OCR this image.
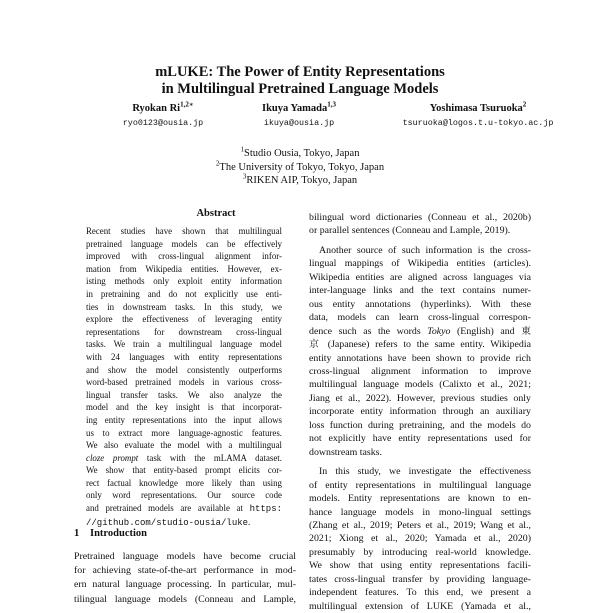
mLUKE: The Power of Entity Representations
in Multilingual Pretrained Language Models
Ryokan $Ri^{1,2∗}$
ryo0123@ousia.jp
Ikuya Yamada$^{1,3}$
ikuya@ousia.jp
Yoshimasa Tsuruoka$^2$
tsuruoka@logos.t.u-tokyo.ac.jp
$^1$Studio Ousia, Tokyo, Japan
$^2$The University of Tokyo, Tokyo, Japan
$^3$RIKEN AIP, Tokyo, Japan
Abstract
Recent studies have shown that multilingual
pretrained language models can be effectively
improved with cross-lingual alignment infor-
mation from Wikipedia entities. However, ex-
isting methods only exploit entity information
in pretraining and do not explicitly use enti-
ties in downstream tasks. In this study, we
explore the effectiveness of leveraging entity
representations for downstream cross-lingual
tasks. We train a multilingual language model
with 24 languages with entity representations
and show the model consistently outperforms
word-based pretrained models in various cross-
lingual transfer tasks. We also analyze the
model and the key insight is that incorporat-
ing entity representations into the input allows
us to extract more language-agnostic features.
We also evaluate the model with a multilingual
cloze prompt task with the mLAMA dataset.
We show that entity-based prompt elicits cor-
rect factual knowledge more likely than using
only word representations. Our source code
and pretrained models are available at https:
//github.com/studio-ousia/luke.
1 Introduction
Pretrained language models have become crucial
for achieving state-of-the-art performance in mod-
ern natural language processing. In particular, mul-
tilingual language models (Conneau and Lample,
bilingual word dictionaries (Conneau et al., 2020b)
or parallel sentences (Conneau and Lample, 2019).
Another source of such information is the cross-
lingual mappings of Wikipedia entities (articles).
Wikipedia entities are aligned across languages via
inter-language links and the text contains numer-
ous entity annotations (hyperlinks). With these
data, models can learn cross-lingual correspon-
dence such as the words Tokyo (English) and 東
京 (Japanese) refers to the same entity. Wikipedia
entity annotations have been shown to provide rich
cross-lingual alignment information to improve
multilingual language models (Calixto et al., 2021;
Jiang et al., 2022). However, previous studies only
incorporate entity information through an auxiliary
loss function during pretraining, and the models do
not explicitly have entity representations used for
downstream tasks.
In this study, we investigate the effectiveness
of entity representations in multilingual language
models. Entity representations are known to en-
hance language models in mono-lingual settings
(Zhang et al., 2019; Peters et al., 2019; Wang et al.,
2021; Xiong et al., 2020; Yamada et al., 2020)
presumably by introducing real-world knowledge.
We show that using entity representations facili-
tates cross-lingual transfer by providing language-
independent features. To this end, we present a
multilingual extension of LUKE (Yamada et al.,
